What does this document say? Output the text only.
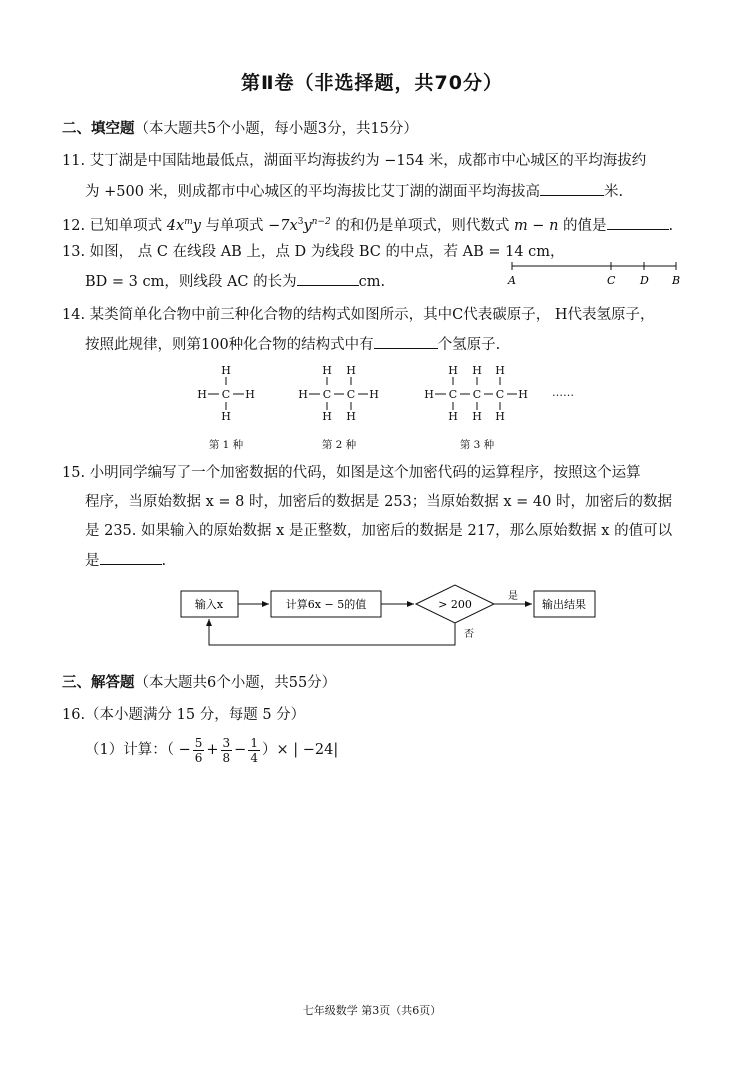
第Ⅱ卷（非选择题，共70分）
二、填空题（本大题共5个小题，每小题3分，共15分）
11. 艾丁湖是中国陆地最低点，湖面平均海拔约为 −154 米，成都市中心城区的平均海拔约
为 +500 米，则成都市中心城区的平均海拔比艾丁湖的湖面平均海拔高	米.
12. 已知单项式 $4x^my$ 与单项式 $-7x^3y^{n-2}$ 的和仍是单项式，则代数式 m − n 的值是	.
13. 如图， 点 C 在线段 AB 上，点 D 为线段 BC 的中点，若 AB = 14 cm，
BD = 3 cm，则线段 AC 的长为	cm.	A	C D B
14. 某类简单化合物中前三种化合物的结构式如图所示，其中C代表碳原子， H代表氢原子，
按照此规律，则第100种化合物的结构式中有	个氢原子.
H
H C H
H
H H
H C C H
H H
H H H
H C C C H
H H H
……
第 1 种	第 2 种	第 3 种
15. 小明同学编写了一个加密数据的代码，如图是这个加密代码的运算程序，按照这个运算
程序，当原始数据 x = 8 时，加密后的数据是 253；当原始数据 x = 40 时，加密后的数据
是 235. 如果输入的原始数据 x 是正整数，加密后的数据是 217，那么原始数据 x 的值可以
是	.
输入x	计算6x − 5的值	> 200
是
输出结果
否
三、解答题（本大题共6个小题，共55分）
16.（本小题满分 15 分，每题 5 分）
（1）计算：（ − $\frac{5}{6} + \frac{3}{8} - \frac{1}{4}$ ）× | −24|
七年级数学 第3页（共6页）
